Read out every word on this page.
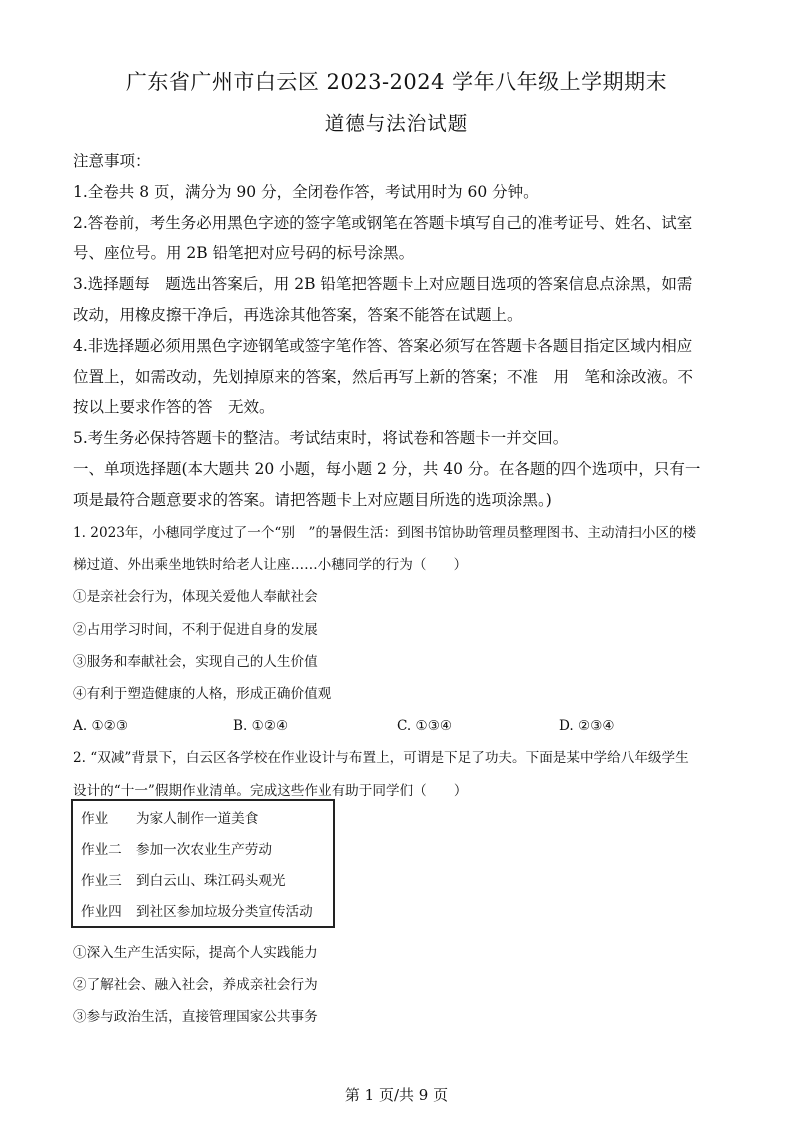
广东省广州市白云区 2023-2024 学年八年级上学期期末
道德与法治试题
注意事项：
1.全卷共 8 页，满分为 90 分，全闭卷作答，考试用时为 60 分钟。
2.答卷前，考生务必用黑色字迹的签字笔或钢笔在答题卡填写自己的准考证号、姓名、试室
号、座位号。用 2B 铅笔把对应号码的标号涂黑。
3.选择题每　题选出答案后，用 2B 铅笔把答题卡上对应题目选项的答案信息点涂黑，如需
改动，用橡皮擦干净后，再选涂其他答案，答案不能答在试题上。
4.非选择题必须用黑色字迹钢笔或签字笔作答、答案必须写在答题卡各题目指定区域内相应
位置上，如需改动，先划掉原来的答案，然后再写上新的答案；不准　用　笔和涂改液。不
按以上要求作答的答　无效。
5.考生务必保持答题卡的整洁。考试结束时，将试卷和答题卡一并交回。
一、单项选择题(本大题共 20 小题，每小题 2 分，共 40 分。在各题的四个选项中，只有一
项是最符合题意要求的答案。请把答题卡上对应题目所选的选项涂黑。)
1. 2023年，小穗同学度过了一个“别　”的暑假生活：到图书馆协助管理员整理图书、主动清扫小区的楼
梯过道、外出乘坐地铁时给老人让座……小穗同学的行为（　　）
①是亲社会行为，体现关爱他人奉献社会
②占用学习时间，不利于促进自身的发展
③服务和奉献社会，实现自己的人生价值
④有利于塑造健康的人格，形成正确价值观
A. ①②③	B. ①②④	C. ①③④	D. ②③④
2. “双减”背景下，白云区各学校在作业设计与布置上，可谓是下足了功夫。下面是某中学给八年级学生
设计的“十一”假期作业清单。完成这些作业有助于同学们（　　）
作业 为家人制作一道美食
作业二 参加一次农业生产劳动
作业三 到白云山、珠江码头观光
作业四 到社区参加垃圾分类宣传活动
①深入生产生活实际，提高个人实践能力
②了解社会、融入社会，养成亲社会行为
③参与政治生活，直接管理国家公共事务
第 1 页/共 9 页
